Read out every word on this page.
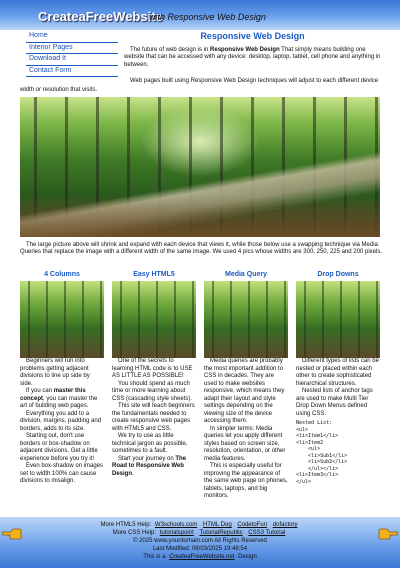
CreateaFreeWebsite
with Responsive Web Design
Home
Interior Pages
Download It
Contact Form
Responsive Web Design

The future of web design is in Responsive Web Design That simply means building one website that can be accessed with any device: desktop, laptop, tablet, cell phone and anything in between.

Web pages built using Responsive Web Design techniques will adjust to each different device width or resolution that visits.

The large picture above will shrink and expand with each device that views it, while those below use a swapping technique via Media Queries that replace the image with a different width of the same image. We used 4 pics whose widths are 300, 250, 225 and 200 pixels.

4 Columns

Beginners will run into problems getting adjacent divisions to line up side by side.

If you can master this concept, you can master the art of building web pages.

Everything you add to a division, margins, padding and borders, adds to its size.

Starting out, don't use borders or box-shadow on adjacent divisions. Get a little experience before you try it!

Even box-shadow on images set to width:100% can cause divisions to misalign.

Easy HTML5

One of the secrets to learning HTML code is to USE AS LITTLE AS POSSIBLE!

You should spend as much time or more learning about CSS (cascading style sheets).

This site will teach beginners the fundamentals needed to create responsive web pages with HTML5 and CSS.

We try to use as little technical jargon as possible, sometimes to a fault.

Start your journey on The Road to Responsive Web Design.

Media Query

Media queries are probably the most important addition to CSS in decades. They are used to make websites responsive, which means they adapt their layout and style settings depending on the viewing size of the device accessing them.

In simpler terms: Media queries let you apply different styles based on screen size, resolution, orientation, or other media features.

This is especially useful for improving the appearance of the same web page on phones, tablets, laptops, and big monitors.

Drop Downs

Different types of lists can be nested or placed within each other to create sophisticated hierarchical structures.

Nested lists of anchor tags are used to make Multi Tier Drop Down Menus defined using CSS.

Nested List:
<ul>
<li>Item1</li>
<li>Item2
<ul>
<li>Sub1</li>
<li>Sub2</li>
</ul></li>
<li>Item3</li>
</ul>
More HTML5 Help: W3schools.com HTML Dog CodetoFun dofactory
More CSS Help: tutorialspoint TutorialRepublic CSS3 Tutorial
© 2025 www.yourdomain.com All Rights Reserved
Last Modified: 06/03/2025 19:48:54
This is a CreateaFreeWebsite.net Design
